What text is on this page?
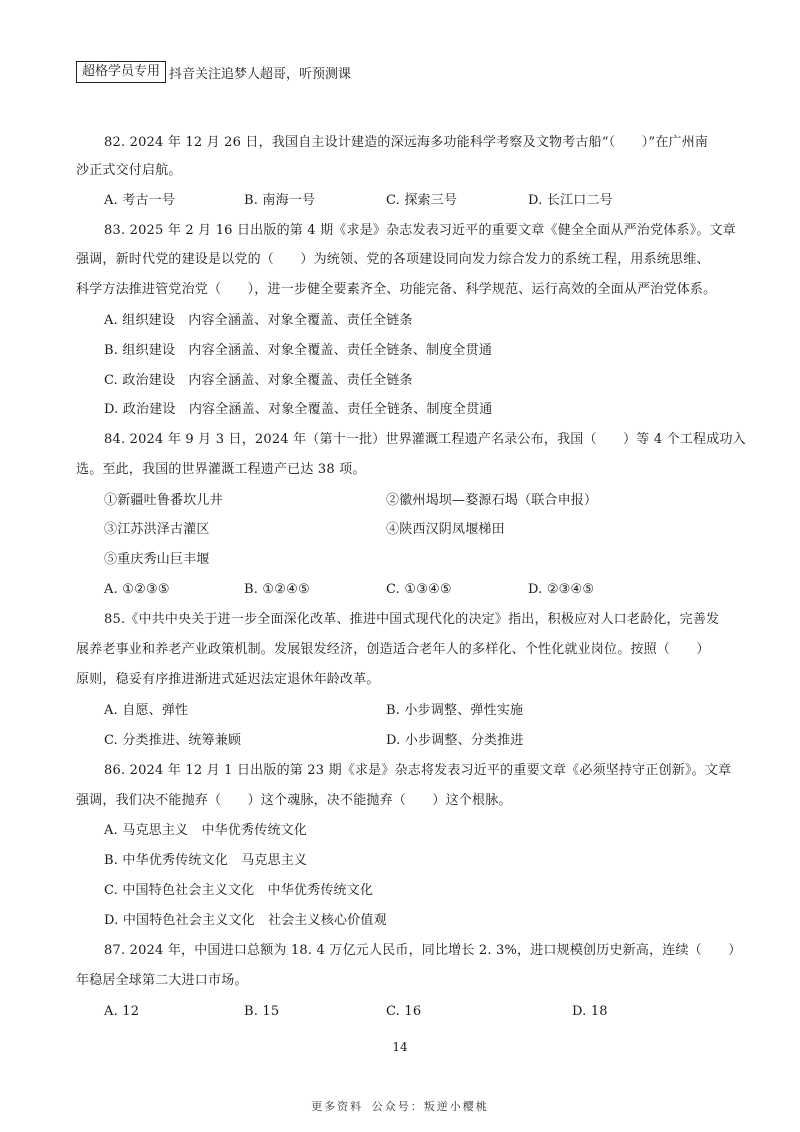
超格学员专用 抖音关注追梦人超哥，听预测课
82. 2024 年 12 月 26 日，我国自主设计建造的深远海多功能科学考察及文物考古船“（　　）”在广州南
沙正式交付启航。
A. 考古一号	B. 南海一号	C. 探索三号	D. 长江口二号
83. 2025 年 2 月 16 日出版的第 4 期《求是》杂志发表习近平的重要文章《健全全面从严治党体系》。文章
强调，新时代党的建设是以党的（　　）为统领、党的各项建设同向发力综合发力的系统工程，用系统思维、
科学方法推进管党治党（　　），进一步健全要素齐全、功能完备、科学规范、运行高效的全面从严治党体系。
A. 组织建设　内容全涵盖、对象全覆盖、责任全链条
B. 组织建设　内容全涵盖、对象全覆盖、责任全链条、制度全贯通
C. 政治建设　内容全涵盖、对象全覆盖、责任全链条
D. 政治建设　内容全涵盖、对象全覆盖、责任全链条、制度全贯通
84. 2024 年 9 月 3 日，2024 年（第十一批）世界灌溉工程遗产名录公布，我国（　　）等 4 个工程成功入
选。至此，我国的世界灌溉工程遗产已达 38 项。
①新疆吐鲁番坎儿井	②徽州堨坝—婺源石堨（联合申报）
③江苏洪泽古灌区	④陕西汉阴凤堰梯田
⑤重庆秀山巨丰堰
A. ①②③⑤	B. ①②④⑤	C. ①③④⑤	D. ②③④⑤
85.《中共中央关于进一步全面深化改革、推进中国式现代化的决定》指出，积极应对人口老龄化，完善发
展养老事业和养老产业政策机制。发展银发经济，创造适合老年人的多样化、个性化就业岗位。按照（　　）
原则，稳妥有序推进渐进式延迟法定退休年龄改革。
A. 自愿、弹性	B. 小步调整、弹性实施
C. 分类推进、统筹兼顾	D. 小步调整、分类推进
86. 2024 年 12 月 1 日出版的第 23 期《求是》杂志将发表习近平的重要文章《必须坚持守正创新》。文章
强调，我们决不能抛弃（　　）这个魂脉，决不能抛弃（　　）这个根脉。
A. 马克思主义　中华优秀传统文化
B. 中华优秀传统文化　马克思主义
C. 中国特色社会主义文化　中华优秀传统文化
D. 中国特色社会主义文化　社会主义核心价值观
87. 2024 年，中国进口总额为 18. 4 万亿元人民币，同比增长 2. 3%，进口规模创历史新高，连续（　　）
年稳居全球第二大进口市场。
A. 12	B. 15	C. 16	D. 18
14
更多资料 公众号：叛逆小樱桃
